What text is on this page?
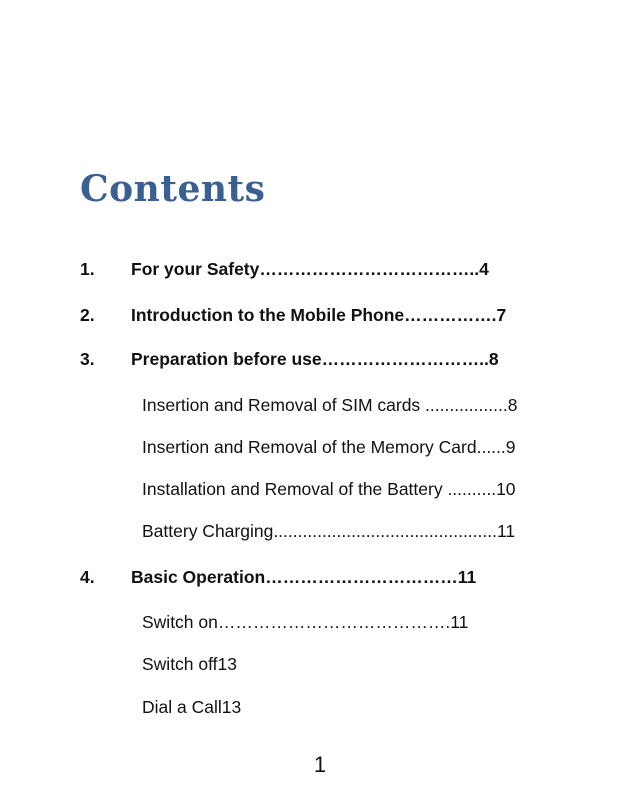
Contents
1. For your Safety………………………………..4
2. Introduction to the Mobile Phone…………….7
3. Preparation before use………………………..8
Insertion and Removal of SIM cards .................8
Insertion and Removal of the Memory Card......9
Installation and Removal of the Battery ..........10
Battery Charging..............................................11
4. Basic Operation……………………………11
Switch on………………………………….11
Switch off13
Dial a Call13
1
